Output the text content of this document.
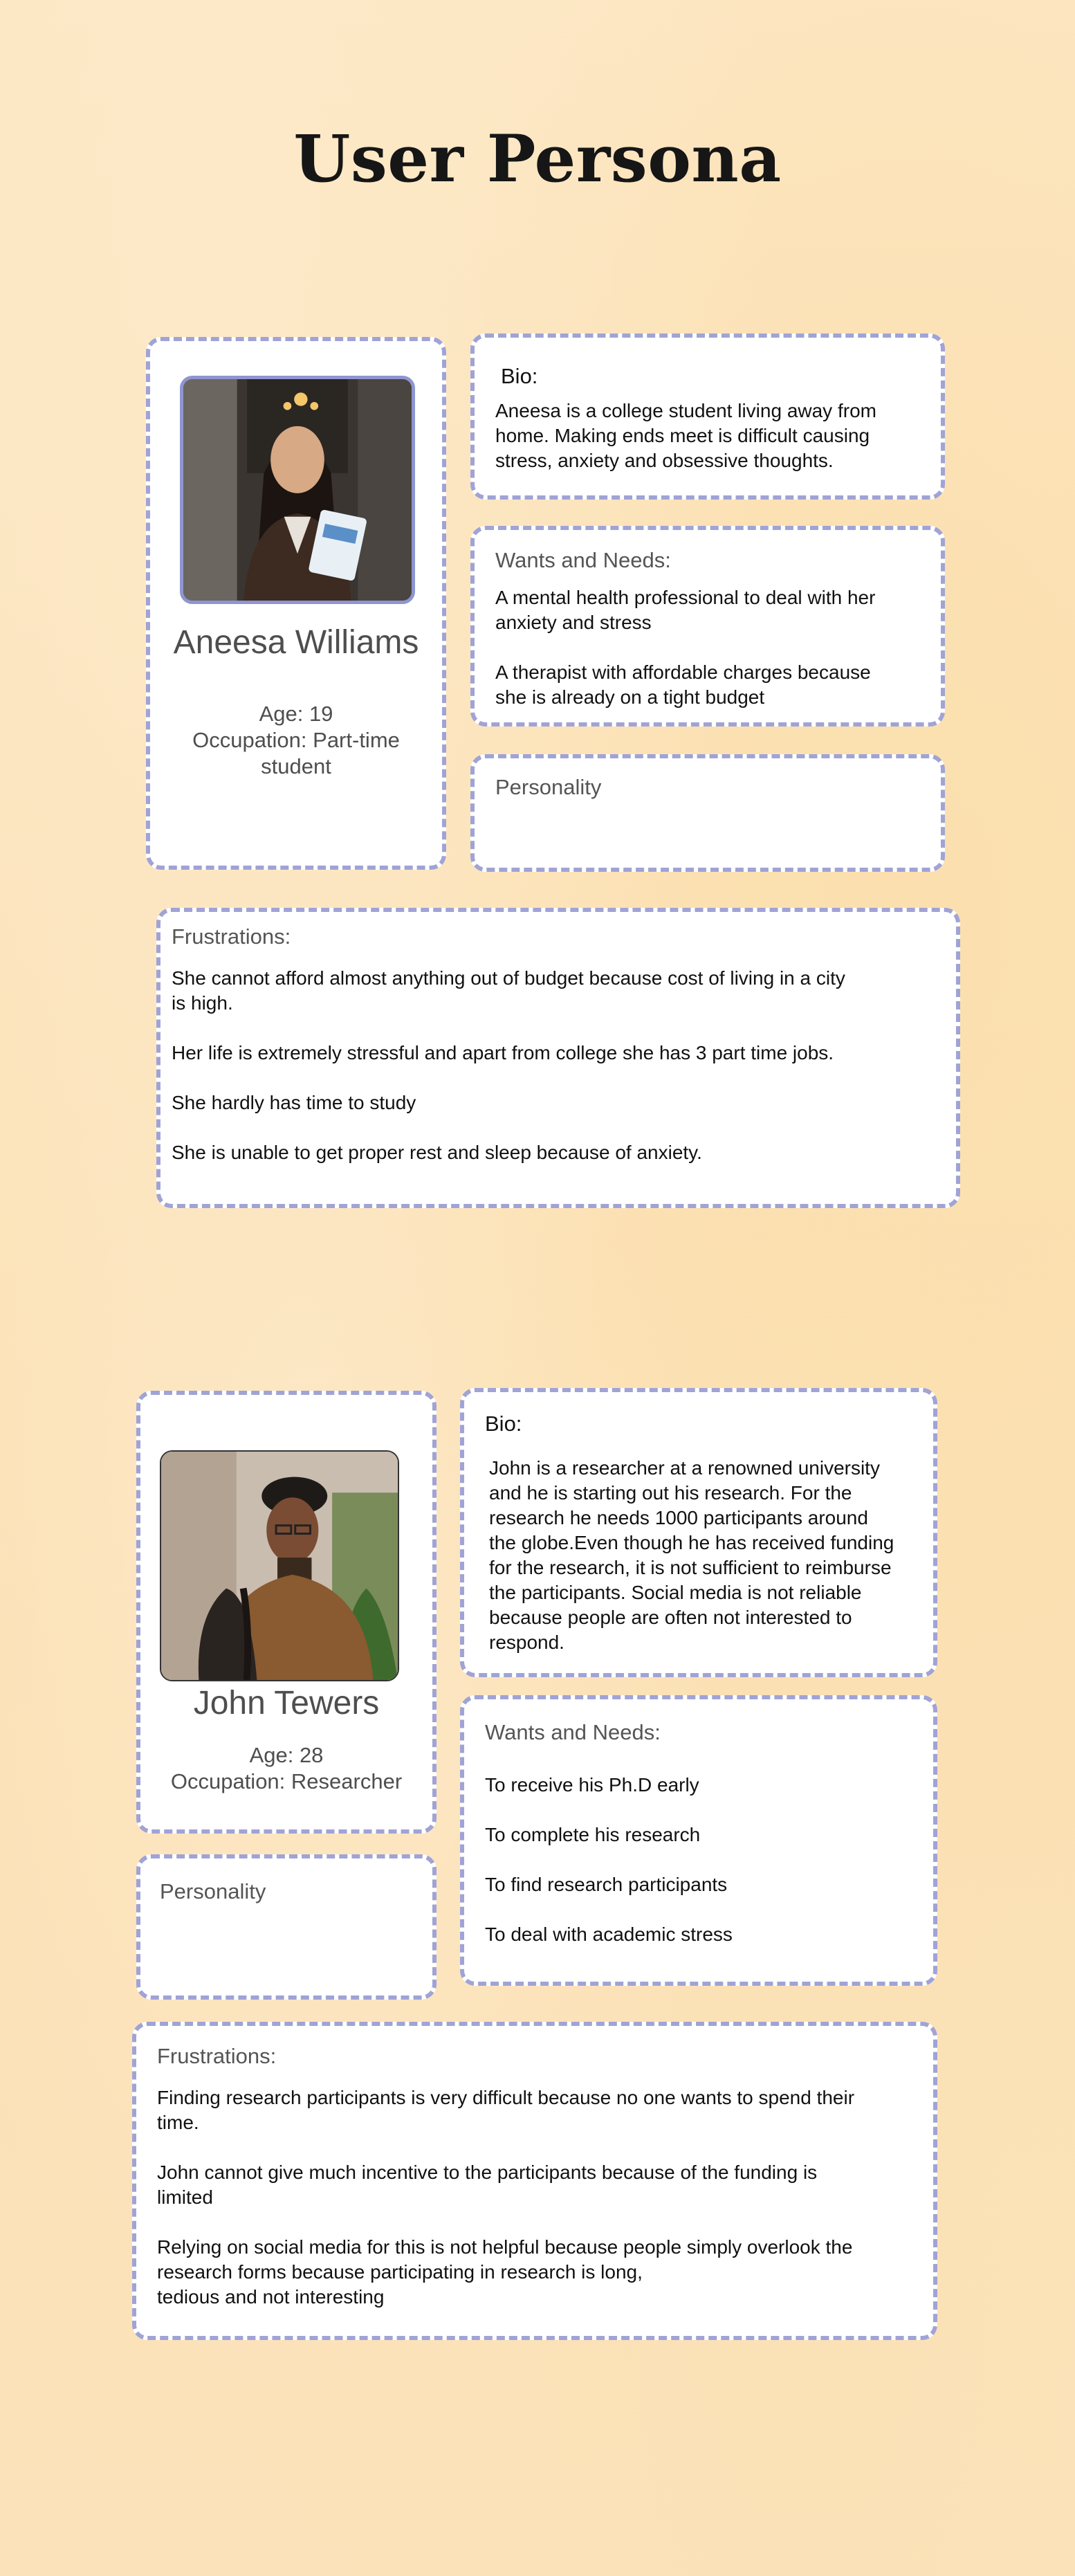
User Persona
Aneesa Williams
Age: 19
Occupation: Part-time
student
Bio:
Aneesa is a college student living away from
home. Making ends meet is difficult causing
stress, anxiety and obsessive thoughts.
Wants and Needs:
A mental health professional to deal with her
anxiety and stress
A therapist with affordable charges because
she is already on a tight budget
Personality
Frustrations:
She cannot afford almost anything out of budget because cost of living in a city
is high.
Her life is extremely stressful and apart from college she has 3 part time jobs.
She hardly has time to study
She is unable to get proper rest and sleep because of anxiety.
John Tewers
Age: 28
Occupation: Researcher
Personality
Bio:
John is a researcher at a renowned university
and he is starting out his research. For the
research he needs 1000 participants around
the globe.Even though he has received funding
for the research, it is not sufficient to reimburse
the participants. Social media is not reliable
because people are often not interested to
respond.
Wants and Needs:
To receive his Ph.D early
To complete his research
To find research participants
To deal with academic stress
Frustrations:
Finding research participants is very difficult because no one wants to spend their
time.
John cannot give much incentive to the participants because of the funding is
limited
Relying on social media for this is not helpful because people simply overlook the
research forms because participating in research is long,
tedious and not interesting
